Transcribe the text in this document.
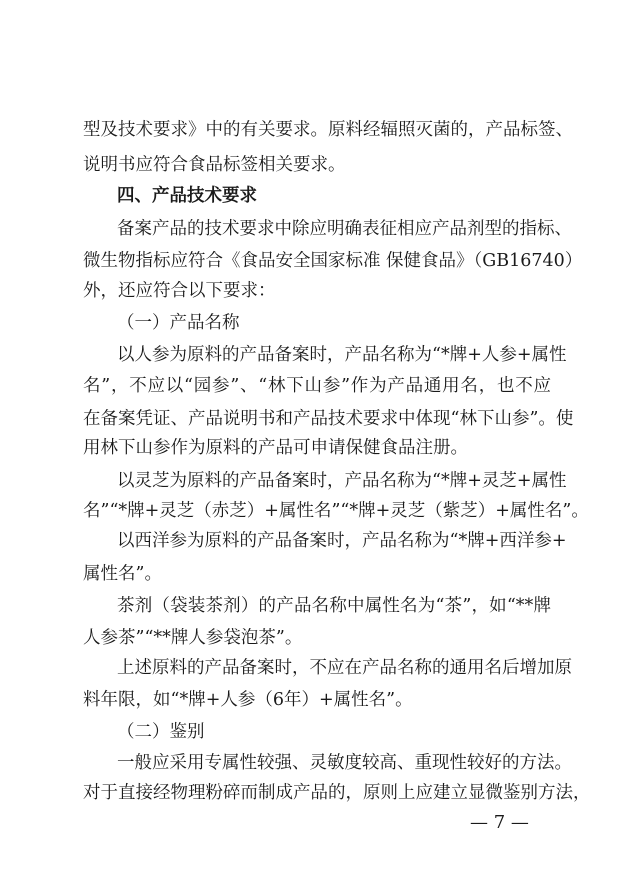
型及技术要求》中的有关要求。原料经辐照灭菌的，产品标签、
说明书应符合食品标签相关要求。
四、产品技术要求
备案产品的技术要求中除应明确表征相应产品剂型的指标、
微生物指标应符合《食品安全国家标准 保健食品》（GB16740）
外，还应符合以下要求：
（一）产品名称
以人参为原料的产品备案时，产品名称为“*牌+人参+属性
名”，不应以“园参”、“林下山参”作为产品通用名，也不应
在备案凭证、产品说明书和产品技术要求中体现“林下山参”。使
用林下山参作为原料的产品可申请保健食品注册。
以灵芝为原料的产品备案时，产品名称为“*牌+灵芝+属性
名”“*牌+灵芝（赤芝）+属性名”“*牌+灵芝（紫芝）+属性名”。
以西洋参为原料的产品备案时，产品名称为“*牌+西洋参+
属性名”。
茶剂（袋装茶剂）的产品名称中属性名为“茶”，如“**牌
人参茶”“**牌人参袋泡茶”。
上述原料的产品备案时，不应在产品名称的通用名后增加原
料年限，如“*牌+人参（6年）+属性名”。
（二）鉴别
一般应采用专属性较强、灵敏度较高、重现性较好的方法。
对于直接经物理粉碎而制成产品的，原则上应建立显微鉴别方法，
— 7 —
